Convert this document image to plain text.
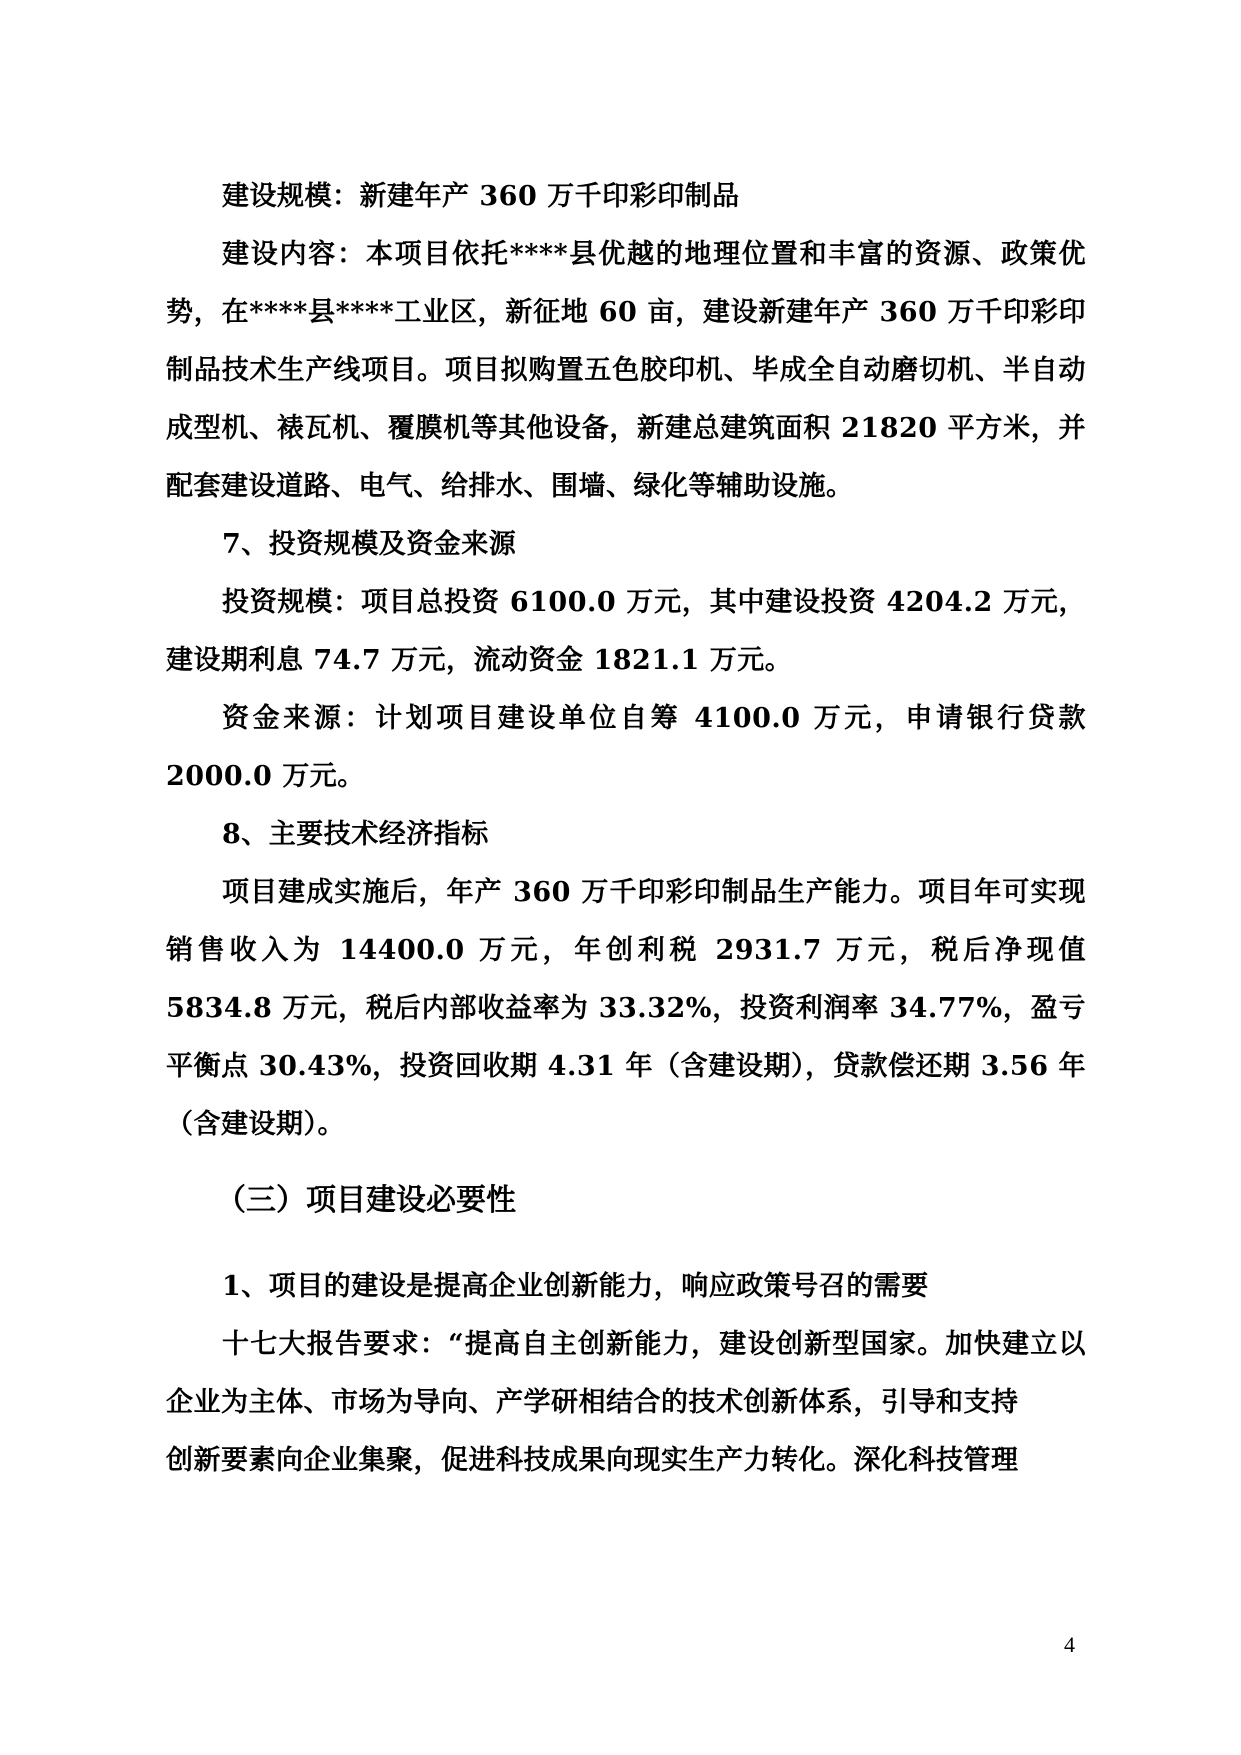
建设规模：新建年产 360 万千印彩印制品

建设内容：本项目依托****县优越的地理位置和丰富的资源、政策优势，在****县****工业区，新征地 60 亩，建设新建年产 360 万千印彩印制品技术生产线项目。项目拟购置五色胶印机、毕成全自动磨切机、半自动成型机、裱瓦机、覆膜机等其他设备，新建总建筑面积 21820 平方米，并配套建设道路、电气、给排水、围墙、绿化等辅助设施。

7、投资规模及资金来源

投资规模：项目总投资 6100.0 万元，其中建设投资 4204.2 万元，建设期利息 74.7 万元，流动资金 1821.1 万元。

资金来源：计划项目建设单位自筹 4100.0 万元，申请银行贷款 2000.0 万元。

8、主要技术经济指标

项目建成实施后，年产 360 万千印彩印制品生产能力。项目年可实现销售收入为 14400.0 万元，年创利税 2931.7 万元，税后净现值 5834.8 万元，税后内部收益率为 33.32%，投资利润率 34.77%，盈亏平衡点 30.43%，投资回收期 4.31 年（含建设期），贷款偿还期 3.56 年（含建设期）。

（三）项目建设必要性

1、项目的建设是提高企业创新能力，响应政策号召的需要

十七大报告要求：“提高自主创新能力，建设创新型国家。加快建立以企业为主体、市场为导向、产学研相结合的技术创新体系，引导和支持

创新要素向企业集聚，促进科技成果向现实生产力转化。深化科技管理

4
